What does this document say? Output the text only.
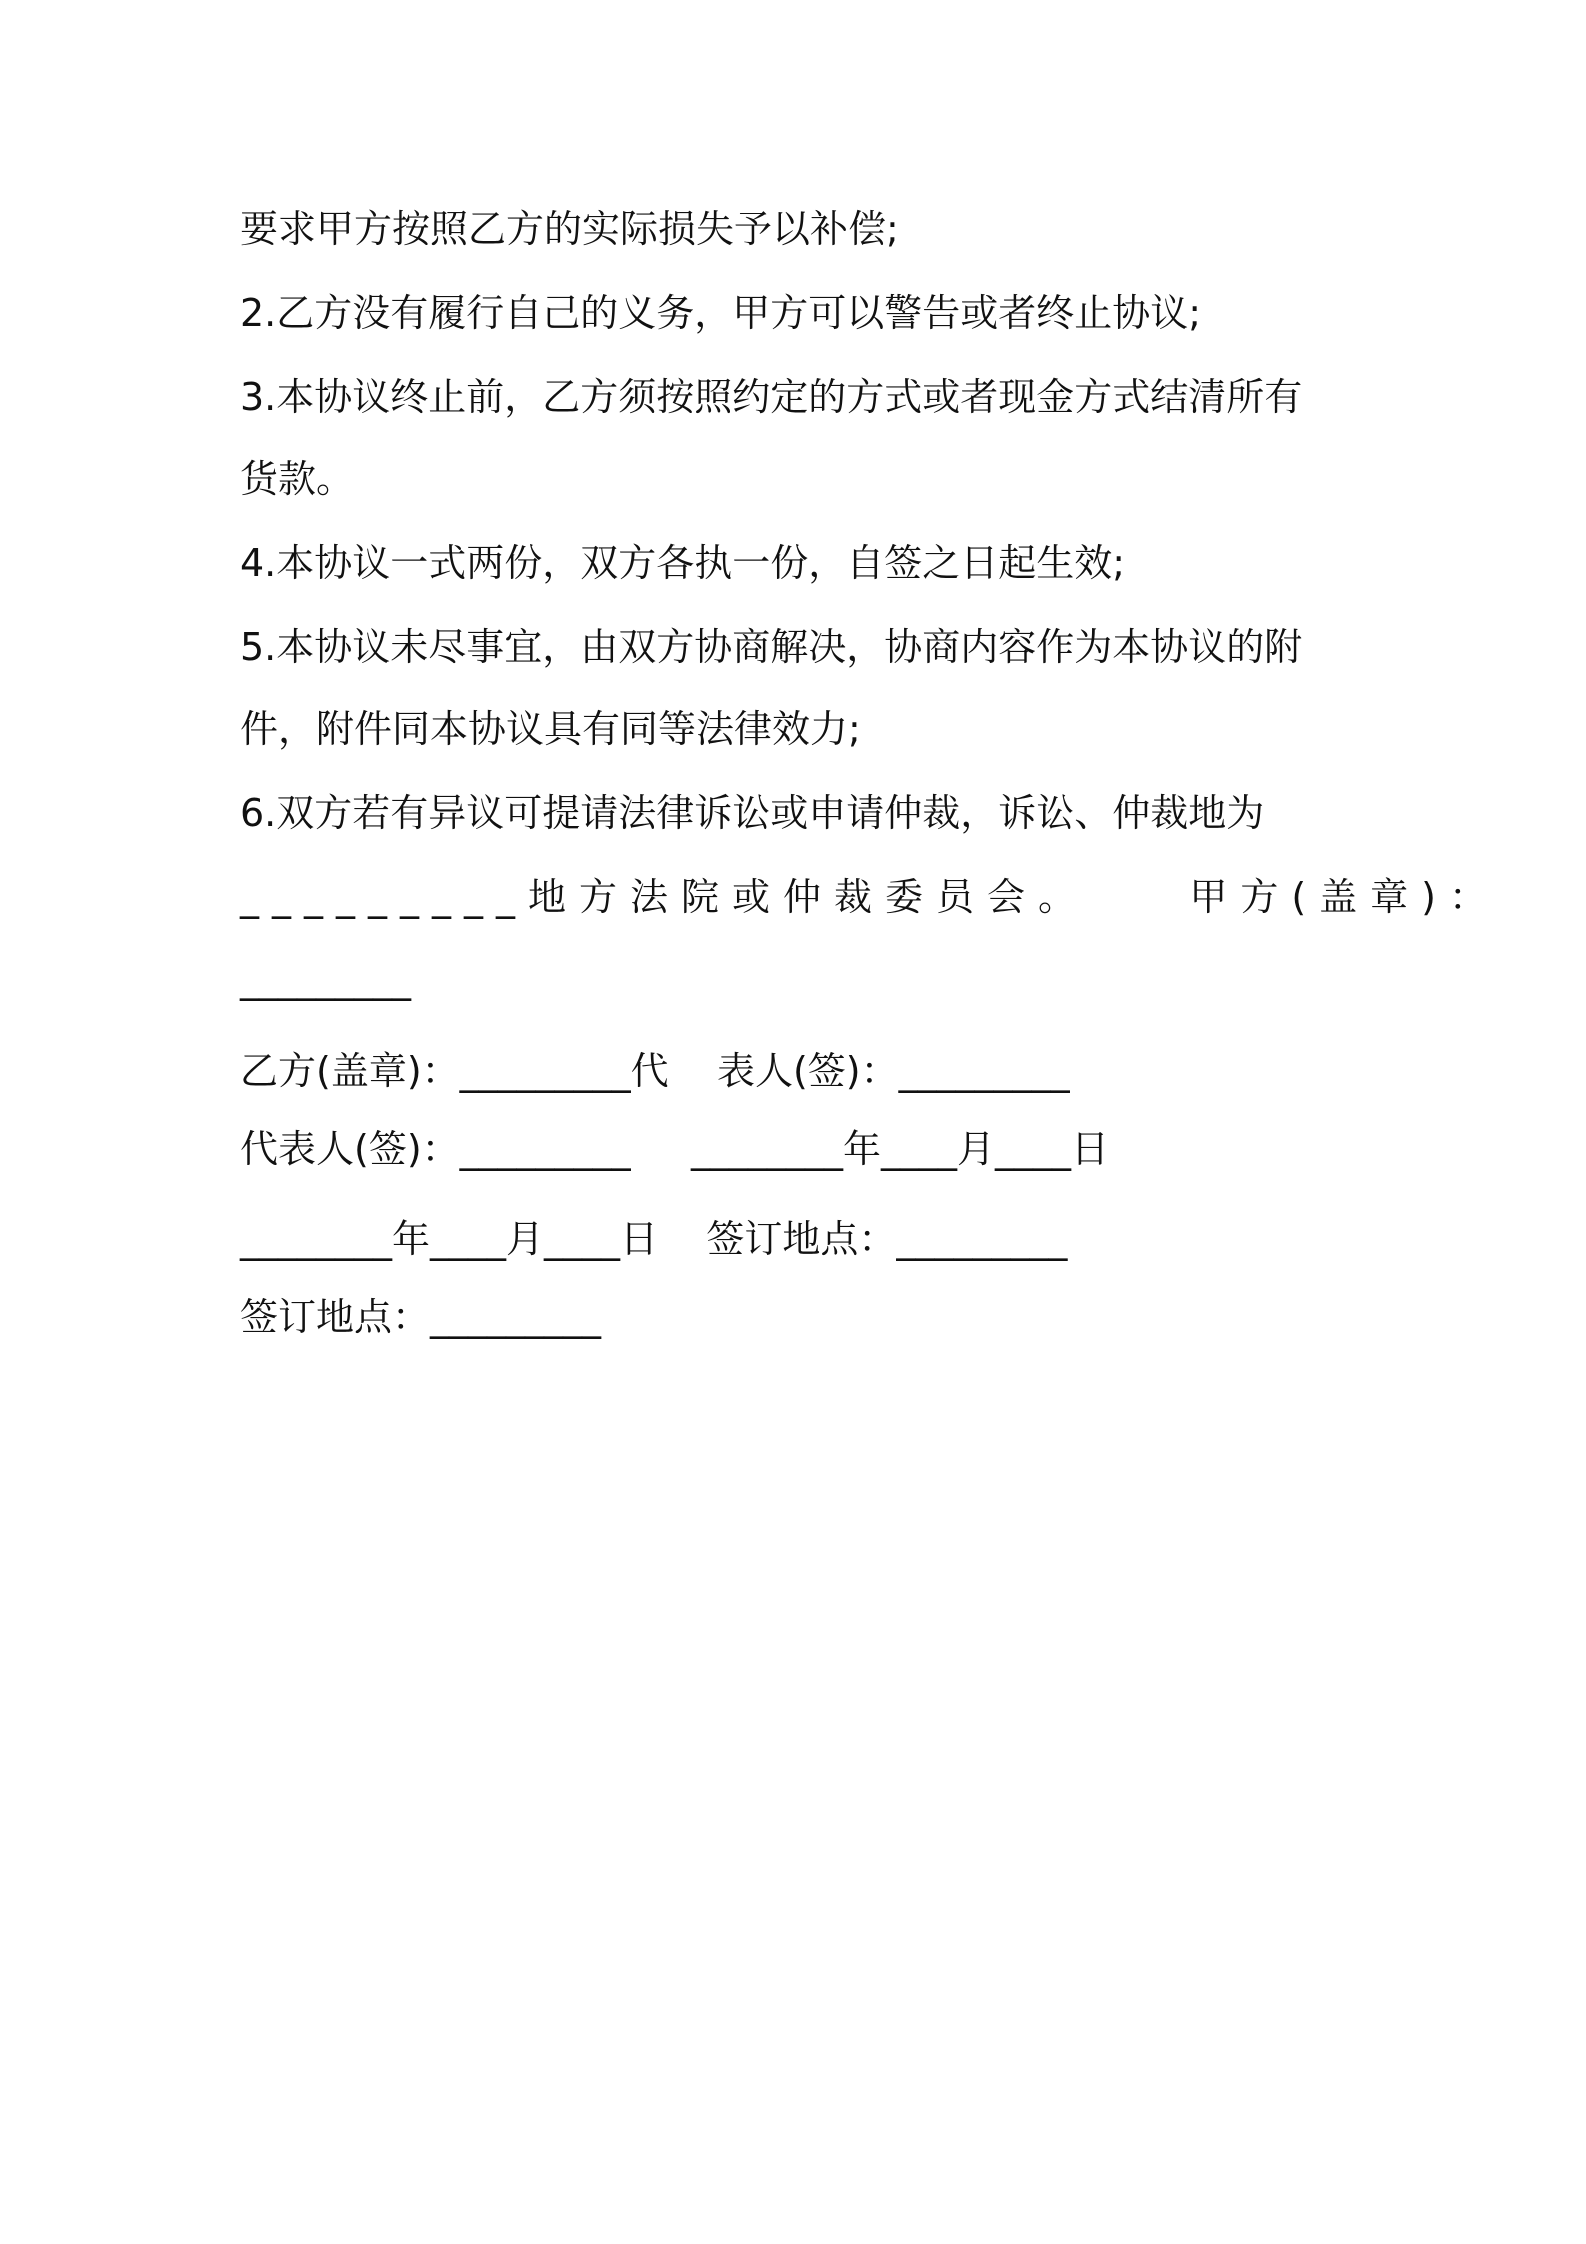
要求甲方按照乙方的实际损失予以补偿;

2.乙方没有履行自己的义务，甲方可以警告或者终止协议;

3.本协议终止前，乙方须按照约定的方式或者现金方式结清所有

货款。

4.本协议一式两份，双方各执一份，自签之日起生效;

5.本协议未尽事宜，由双方协商解决，协商内容作为本协议的附

件，附件同本协议具有同等法律效力;

6.双方若有异议可提请法律诉讼或申请仲裁，诉讼、仲裁地为

_________地方法院或仲裁委员会。    甲方(盖章)：

_________

乙方(盖章)：_________代    表人(签)：_________

代表人(签)：_________     ________年____月____日

________年____月____日    签订地点：_________

签订地点：_________
